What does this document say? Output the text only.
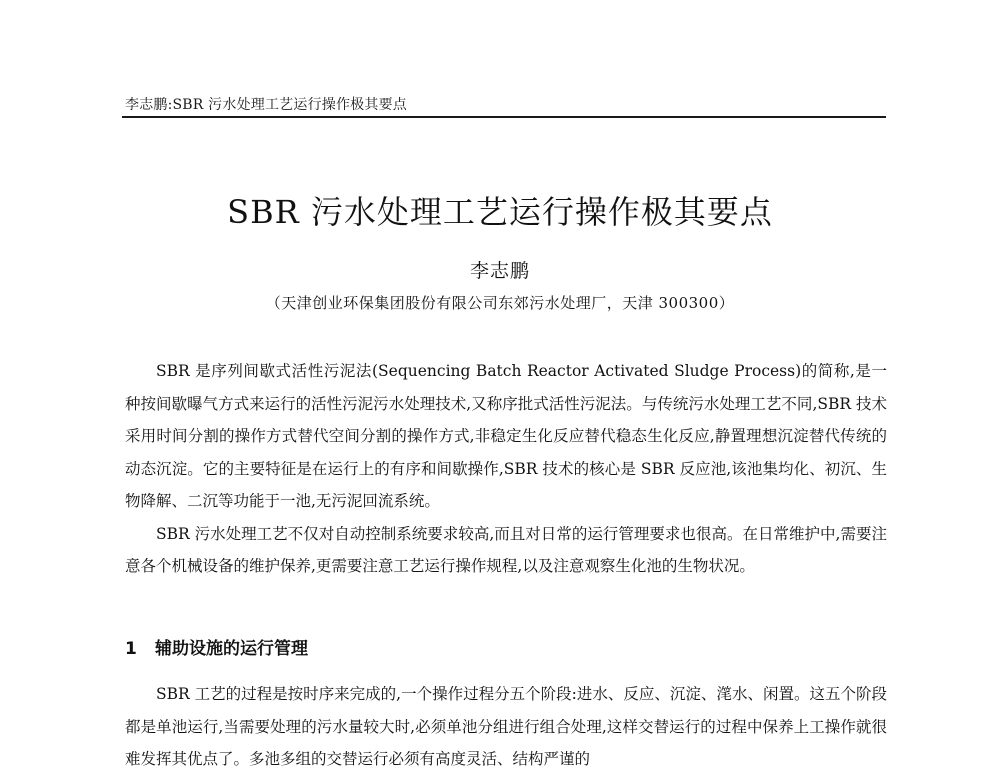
李志鹏:SBR 污水处理工艺运行操作极其要点
SBR 污水处理工艺运行操作极其要点
李志鹏
（天津创业环保集团股份有限公司东郊污水处理厂，天津 300300）

SBR 是序列间歇式活性污泥法(Sequencing Batch Reactor Activated Sludge Process)的简称,是一种按间歇曝气方式来运行的活性污泥污水处理技术,又称序批式活性污泥法。与传统污水处理工艺不同,SBR 技术采用时间分割的操作方式替代空间分割的操作方式,非稳定生化反应替代稳态生化反应,静置理想沉淀替代传统的动态沉淀。它的主要特征是在运行上的有序和间歇操作,SBR 技术的核心是 SBR 反应池,该池集均化、初沉、生物降解、二沉等功能于一池,无污泥回流系统。

SBR 污水处理工艺不仅对自动控制系统要求较高,而且对日常的运行管理要求也很高。在日常维护中,需要注意各个机械设备的维护保养,更需要注意工艺运行操作规程,以及注意观察生化池的生物状况。

1 辅助设施的运行管理

SBR 工艺的过程是按时序来完成的,一个操作过程分五个阶段:进水、反应、沉淀、滗水、闲置。这五个阶段都是单池运行,当需要处理的污水量较大时,必须单池分组进行组合处理,这样交替运行的过程中保养上工操作就很难发挥其优点了。多池多组的交替运行必须有高度灵活、结构严谨的
